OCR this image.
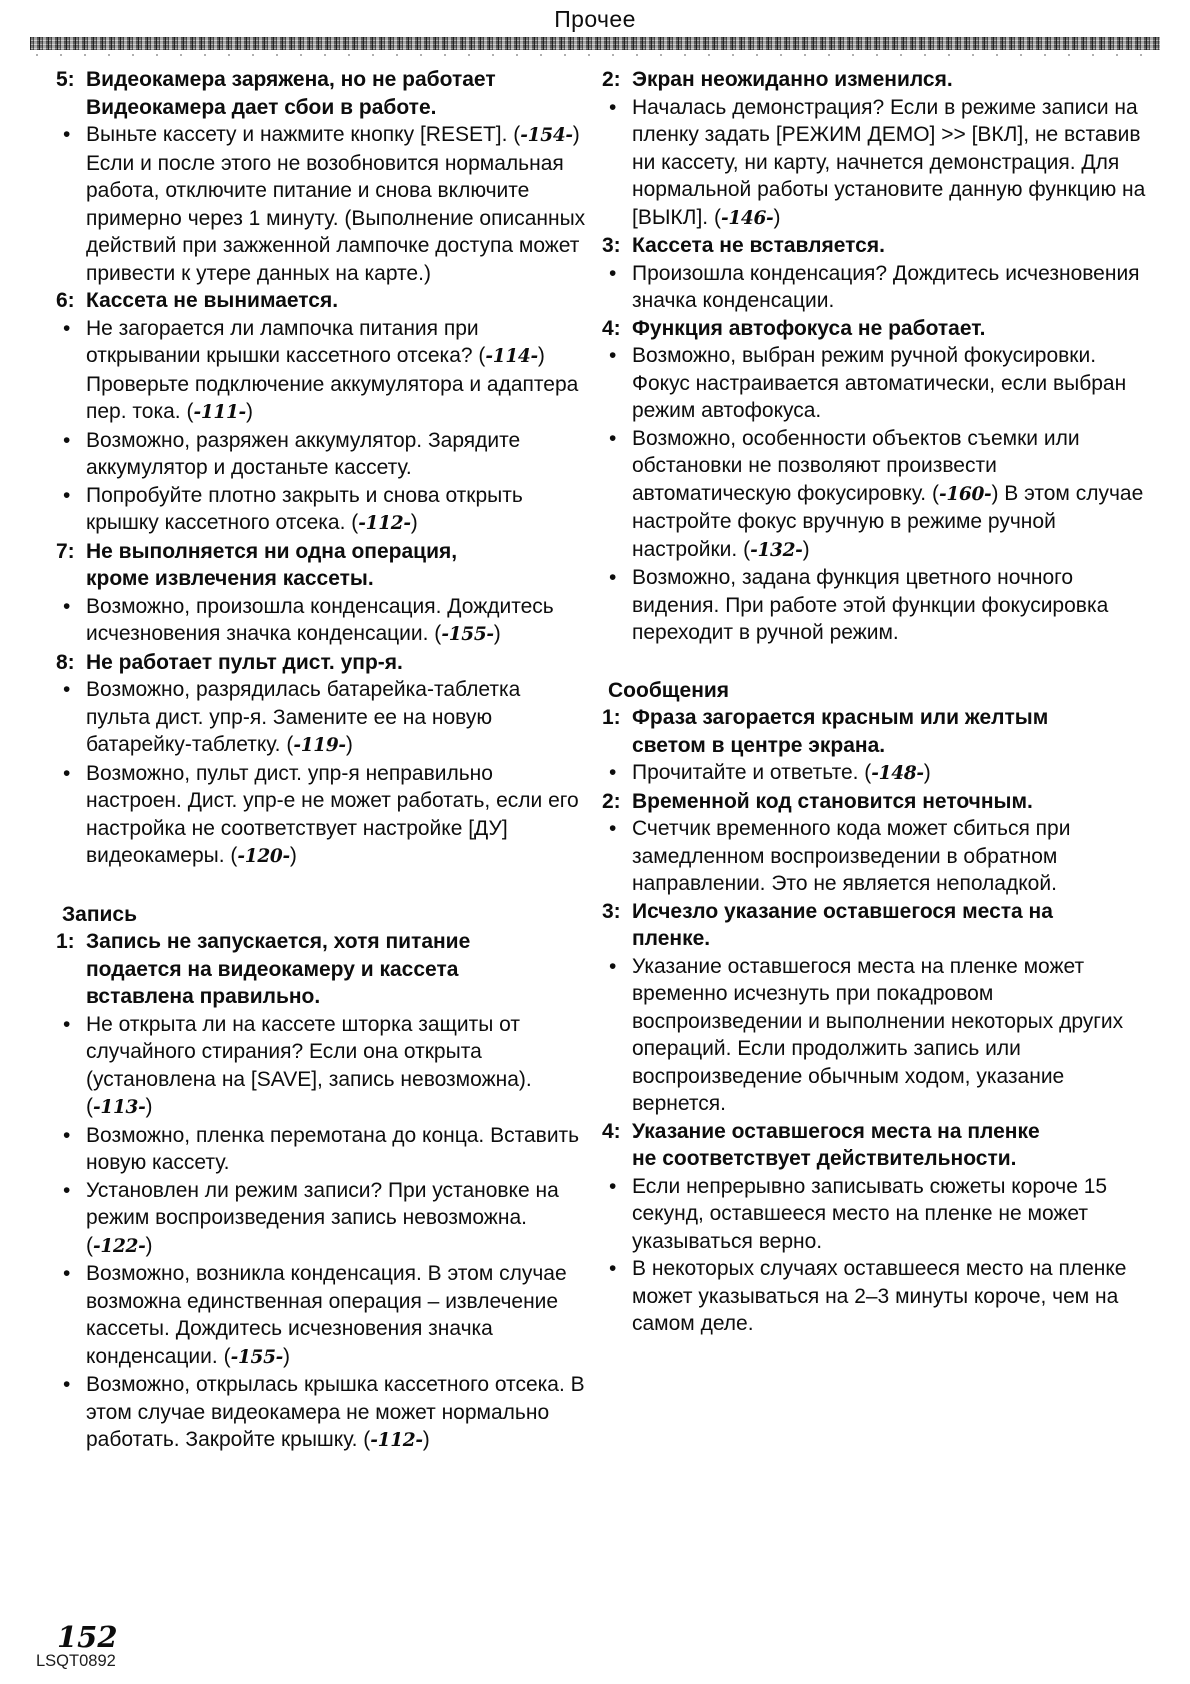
Прочее
5: Видеокамера заряжена, но не работает
Видеокамера дает сбои в работе.
• Выньте кассету и нажмите кнопку [RESET]. (-154-) Если и после этого не возобновится нормальная работа, отключите питание и снова включите примерно через 1 минуту. (Выполнение описанных действий при зажженной лампочке доступа может привести к утере данных на карте.)
6: Кассета не вынимается.
• Не загорается ли лампочка питания при открывании крышки кассетного отсека? (-114-) Проверьте подключение аккумулятора и адаптера пер. тока. (-111-)
• Возможно, разряжен аккумулятор. Зарядите аккумулятор и достаньте кассету.
• Попробуйте плотно закрыть и снова открыть крышку кассетного отсека. (-112-)
7: Не выполняется ни одна операция,
кроме извлечения кассеты.
• Возможно, произошла конденсация. Дождитесь исчезновения значка конденсации. (-155-)
8: Не работает пульт дист. упр-я.
• Возможно, разрядилась батарейка-таблетка пульта дист. упр-я. Замените ее на новую батарейку-таблетку. (-119-)
• Возможно, пульт дист. упр-я неправильно настроен. Дист. упр-е не может работать, если его настройка не соответствует настройке [ДУ] видеокамеры. (-120-)
Запись
1: Запись не запускается, хотя питание
подается на видеокамеру и кассета
вставлена правильно.
• Не открыта ли на кассете шторка защиты от случайного стирания? Если она открыта (установлена на [SAVE], запись невозможна). (-113-)
• Возможно, пленка перемотана до конца. Вставить новую кассету.
• Установлен ли режим записи? При установке на режим воспроизведения запись невозможна. (-122-)
• Возможно, возникла конденсация. В этом случае возможна единственная операция – извлечение кассеты. Дождитесь исчезновения значка конденсации. (-155-)
• Возможно, открылась крышка кассетного отсека. В этом случае видеокамера не может нормально работать. Закройте крышку. (-112-)
2: Экран неожиданно изменился.
• Началась демонстрация? Если в режиме записи на пленку задать [РЕЖИМ ДЕМО] >> [ВКЛ], не вставив ни кассету, ни карту, начнется демонстрация. Для нормальной работы установите данную функцию на [ВЫКЛ]. (-146-)
3: Кассета не вставляется.
• Произошла конденсация? Дождитесь исчезновения значка конденсации.
4: Функция автофокуса не работает.
• Возможно, выбран режим ручной фокусировки. Фокус настраивается автоматически, если выбран режим автофокуса.
• Возможно, особенности объектов съемки или обстановки не позволяют произвести автоматическую фокусировку. (-160-) В этом случае настройте фокус вручную в режиме ручной настройки. (-132-)
• Возможно, задана функция цветного ночного видения. При работе этой функции фокусировка переходит в ручной режим.
Сообщения
1: Фраза загорается красным или желтым
светом в центре экрана.
• Прочитайте и ответьте. (-148-)
2: Временной код становится неточным.
• Счетчик временного кода может сбиться при замедленном воспроизведении в обратном направлении. Это не является неполадкой.
3: Исчезло указание оставшегося места на
пленке.
• Указание оставшегося места на пленке может временно исчезнуть при покадровом воспроизведении и выполнении некоторых других операций. Если продолжить запись или воспроизведение обычным ходом, указание вернется.
4: Указание оставшегося места на пленке
не соответствует действительности.
• Если непрерывно записывать сюжеты короче 15 секунд, оставшееся место на пленке не может указываться верно.
• В некоторых случаях оставшееся место на пленке может указываться на 2–3 минуты короче, чем на самом деле.
152
LSQT0892
